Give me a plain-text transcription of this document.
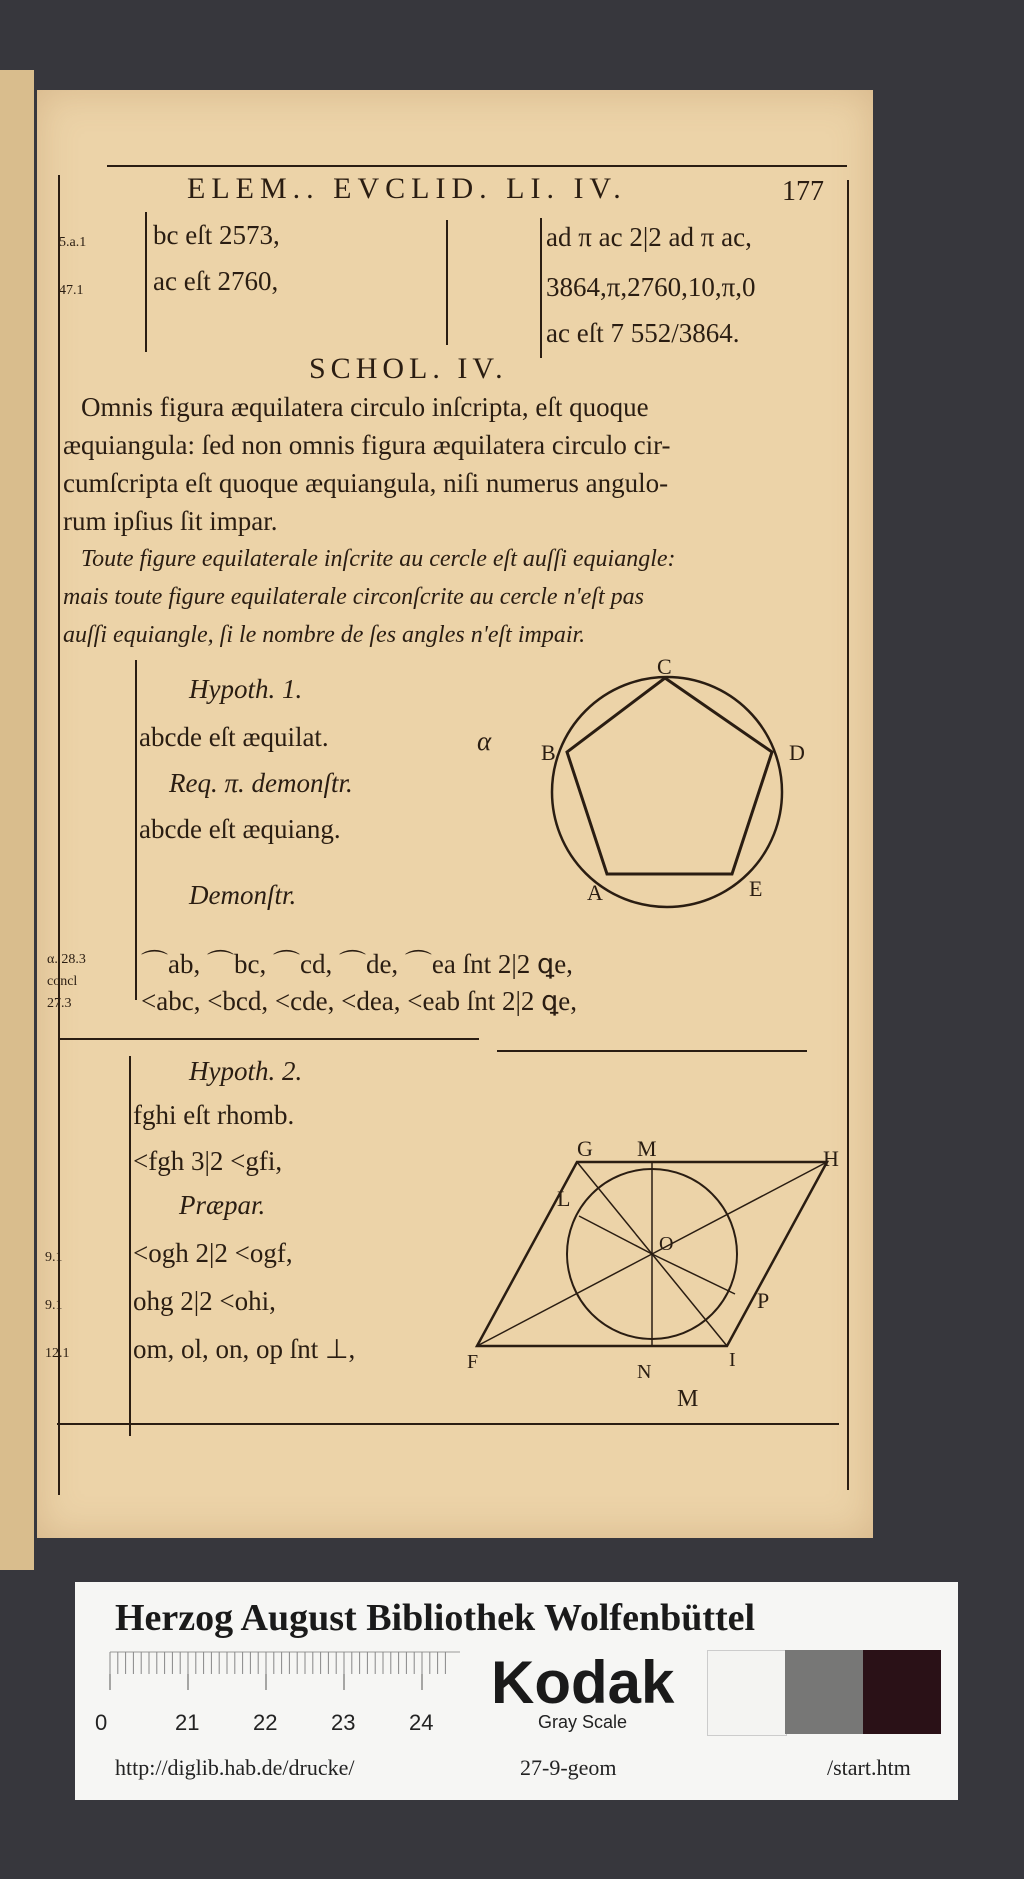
ELEM.. EVCLID. LI. IV.	177
5.a.1
47.1
bc eſt 2573,
ac eſt 2760,
ad π ac 2|2 ad π ac,
3864,π,2760,10,π,0
ac eſt 7 552/3864.
SCHOL. IV.
Omnis figura æquilatera circulo inſcripta, eſt quoque
æquiangula: ſed non omnis figura æquilatera circulo cir-
cumſcripta eſt quoque æquiangula, niſi numerus angulo-
rum ipſius ſit impar.
Toute figure equilaterale inſcrite au cercle eſt auſſi equiangle:
mais toute figure equilaterale circonſcrite au cercle n'eſt pas
auſſi equiangle, ſi le nombre de ſes angles n'eſt impair.
Hypoth. 1.
abcde eſt æquilat.	α
Req. π. demonſtr.
abcde eſt æquiang.
Demonſtr.
α. 28.3
concl
27.3
⌒ab, ⌒bc, ⌒cd, ⌒de, ⌒ea ſnt 2|2 ꝗe,
<abc, <bcd, <cde, <dea, <eab ſnt 2|2 ꝗe,
C
D
B
A	E
Hypoth. 2.
fghi eſt rhomb.
<fgh 3|2 <gfi,
Præpar.
9.1
9.1
12.1
<ogh 2|2 <ogf,
ohg 2|2 <ohi,
om, ol, on, op ſnt ⊥,
G M	H
L
O
P
F	N
I
M
Herzog August Bibliothek Wolfenbüttel
0	21 22 23 24
Kodak
Gray Scale
http://diglib.hab.de/drucke/	27-9-geom	/start.htm
